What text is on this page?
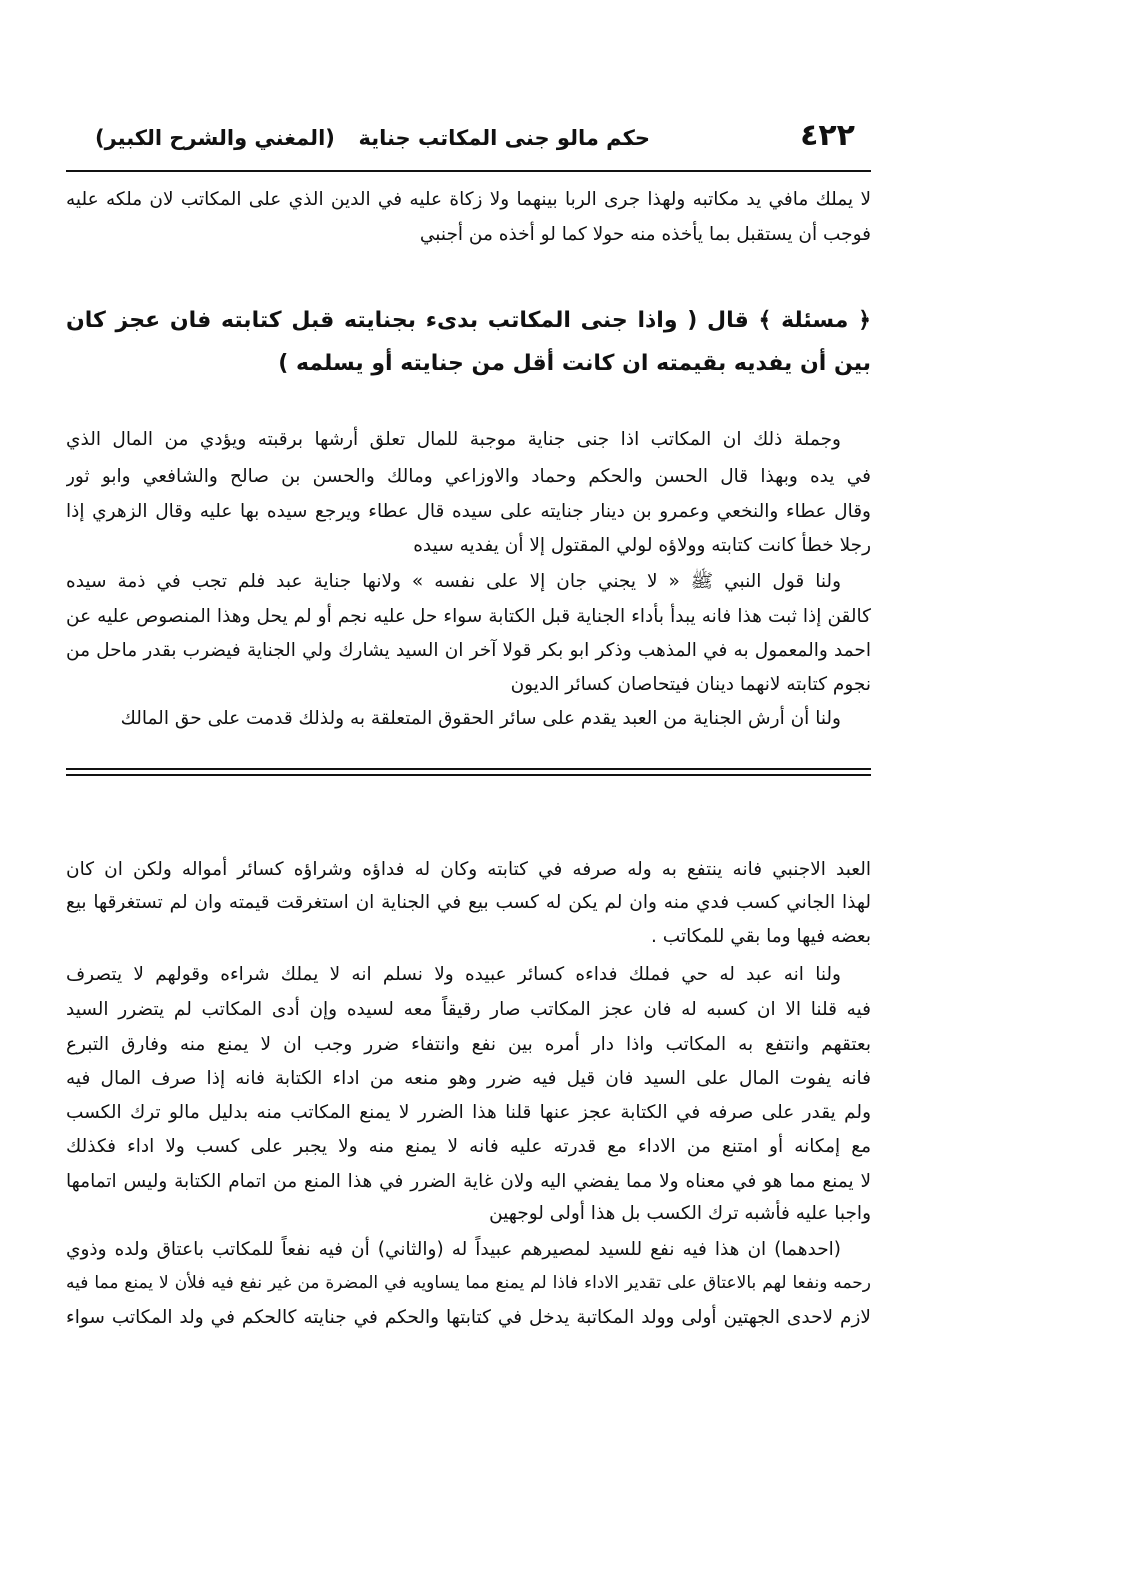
٤٢٢
حكم مالو جنى المكاتب جناية
(المغني والشرح الكبير)
لا يملك مافي يد مكاتبه ولهذا جرى الربا بينهما ولا زكاة عليه في الدين الذي على المكاتب لان ملكه عليه
فوجب أن يستقبل بما يأخذه منه حولا كما لو أخذه من أجنبي
﴿ مسئلة ﴾ قال ( واذا جنى المكاتب بدىء بجنايته قبل كتابته فان عجز كان
بين أن يفديه بقيمته ان كانت أقل من جنايته أو يسلمه )
وجملة ذلك ان المكاتب اذا جنى جناية موجبة للمال تعلق أرشها برقبته ويؤدي من المال الذي
في يده وبهذا قال الحسن والحكم وحماد والاوزاعي ومالك والحسن بن صالح والشافعي وابو ثور
وقال عطاء والنخعي وعمرو بن دينار جنايته على سيده قال عطاء ويرجع سيده بها عليه وقال الزهري إذا
رجلا خطأ كانت كتابته وولاؤه لولي المقتول إلا أن يفديه سيده
ولنا قول النبي ﷺ « لا يجني جان إلا على نفسه » ولانها جناية عبد فلم تجب في ذمة سيده
كالقن إذا ثبت هذا فانه يبدأ بأداء الجناية قبل الكتابة سواء حل عليه نجم أو لم يحل وهذا المنصوص عليه عن
احمد والمعمول به في المذهب وذكر ابو بكر قولا آخر ان السيد يشارك ولي الجناية فيضرب بقدر ماحل من
نجوم كتابته لانهما دينان فيتحاصان كسائر الديون
ولنا أن أرش الجناية من العبد يقدم على سائر الحقوق المتعلقة به ولذلك قدمت على حق المالك
العبد الاجنبي فانه ينتفع به وله صرفه في كتابته وكان له فداؤه وشراؤه كسائر أمواله ولكن ان كان
لهذا الجاني كسب فدي منه وان لم يكن له كسب بيع في الجناية ان استغرقت قيمته وان لم تستغرقها بيع
بعضه فيها وما بقي للمكاتب .
ولنا انه عبد له حي فملك فداءه كسائر عبيده ولا نسلم انه لا يملك شراءه وقولهم لا يتصرف
فيه قلنا الا ان كسبه له فان عجز المكاتب صار رقيقاً معه لسيده وإن أدى المكاتب لم يتضرر السيد
بعتقهم وانتفع به المكاتب واذا دار أمره بين نفع وانتفاء ضرر وجب ان لا يمنع منه وفارق التبرع
فانه يفوت المال على السيد فان قيل فيه ضرر وهو منعه من اداء الكتابة فانه إذا صرف المال فيه
ولم يقدر على صرفه في الكتابة عجز عنها قلنا هذا الضرر لا يمنع المكاتب منه بدليل مالو ترك الكسب
مع إمكانه أو امتنع من الاداء مع قدرته عليه فانه لا يمنع منه ولا يجبر على كسب ولا اداء فكذلك
لا يمنع مما هو في معناه ولا مما يفضي اليه ولان غاية الضرر في هذا المنع من اتمام الكتابة وليس اتمامها
واجبا عليه فأشبه ترك الكسب بل هذا أولى لوجهين
(احدهما) ان هذا فيه نفع للسيد لمصيرهم عبيداً له (والثاني) أن فيه نفعاً للمكاتب باعتاق ولده وذوي
رحمه ونفعا لهم بالاعتاق على تقدير الاداء فاذا لم يمنع مما يساويه في المضرة من غير نفع فيه فلأن لا يمنع مما فيه
لازم لاحدى الجهتين أولى وولد المكاتبة يدخل في كتابتها والحكم في جنايته كالحكم في ولد المكاتب سواء
